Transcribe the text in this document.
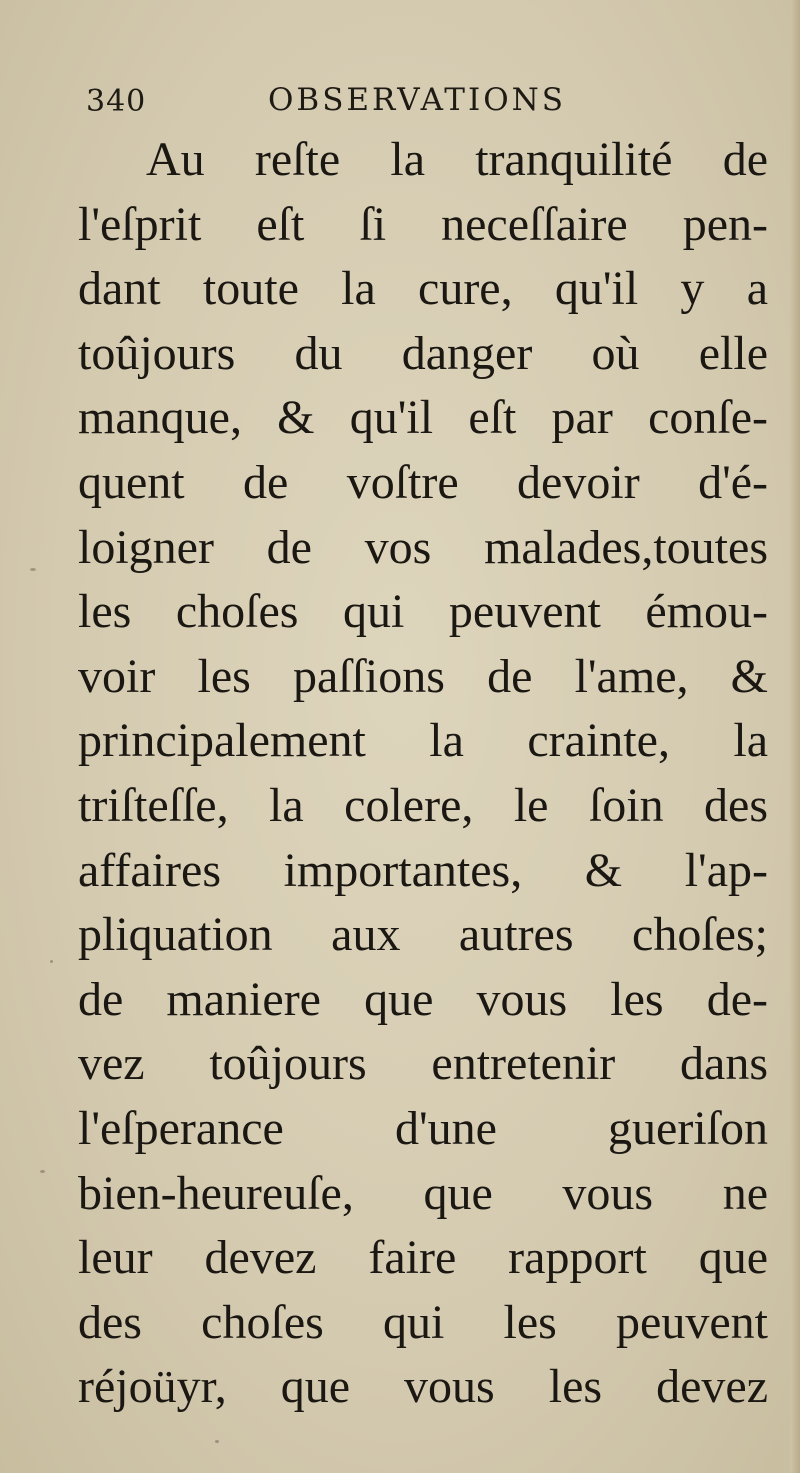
340	OBSERVATIONS
Au reſte la tranquilité de
l'eſprit eſt ſi neceſſaire pen-
dant toute la cure, qu'il y a
toûjours du danger où elle
manque, & qu'il eſt par conſe-
quent de voſtre devoir d'é-
loigner de vos malades,toutes
les choſes qui peuvent émou-
voir les paſſions de l'ame, &
principalement la crainte, la
triſteſſe, la colere, le ſoin des
affaires importantes, & l'ap-
pliquation aux autres choſes;
de maniere que vous les de-
vez toûjours entretenir dans
l'eſperance d'une gueriſon
bien-heureuſe, que vous ne
leur devez faire rapport que
des choſes qui les peuvent
réjoüyr, que vous les devez
